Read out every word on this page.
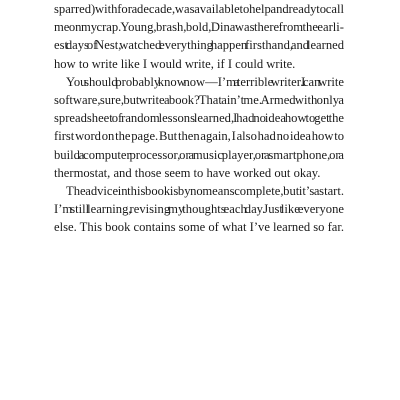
sparred) with for a decade, was available to help and ready to call
me on my crap. Young, brash, bold, Dina was there from the earli-
est days of Nest, watched everything happen firsthand, and learned
how to write like I would write, if I could write.
You should probably know now—I’m a terrible writer. I can write
software, sure, but write a book? That ain’t me. Armed with only a
spreadsheet of random lessons learned, I had no idea how to get the
first word on the page. But then again, I also had no idea how to
build a computer processor, or a music player, or a smartphone, or a
thermostat, and those seem to have worked out okay.
The advice in this book is by no means complete, but it’s a start.
I’m still learning, revising my thoughts each day. Just like everyone
else. This book contains some of what I’ve learned so far.
